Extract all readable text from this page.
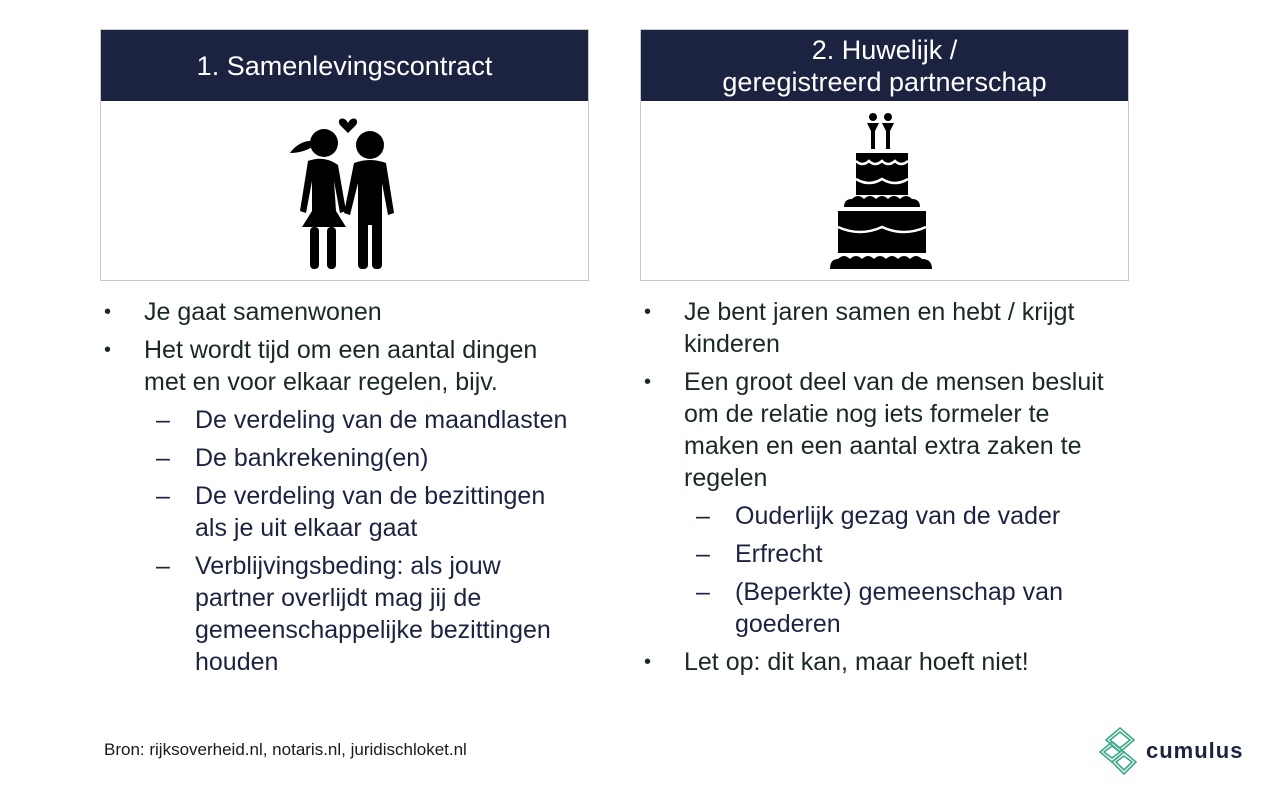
1. Samenlevingscontract
2. Huwelijk /
geregistreerd partnerschap
• Je gaat samenwonen
• Het wordt tijd om een aantal dingen met en voor elkaar regelen, bijv.
– De verdeling van de maandlasten
– De bankrekening(en)
– De verdeling van de bezittingen als je uit elkaar gaat
– Verblijvingsbeding: als jouw partner overlijdt mag jij de gemeenschappelijke bezittingen houden
• Je bent jaren samen en hebt / krijgt kinderen
• Een groot deel van de mensen besluit om de relatie nog iets formeler te maken en een aantal extra zaken te regelen
– Ouderlijk gezag van de vader
– Erfrecht
– (Beperkte) gemeenschap van goederen
• Let op: dit kan, maar hoeft niet!
Bron: rijksoverheid.nl, notaris.nl, juridischloket.nl	cumulus
